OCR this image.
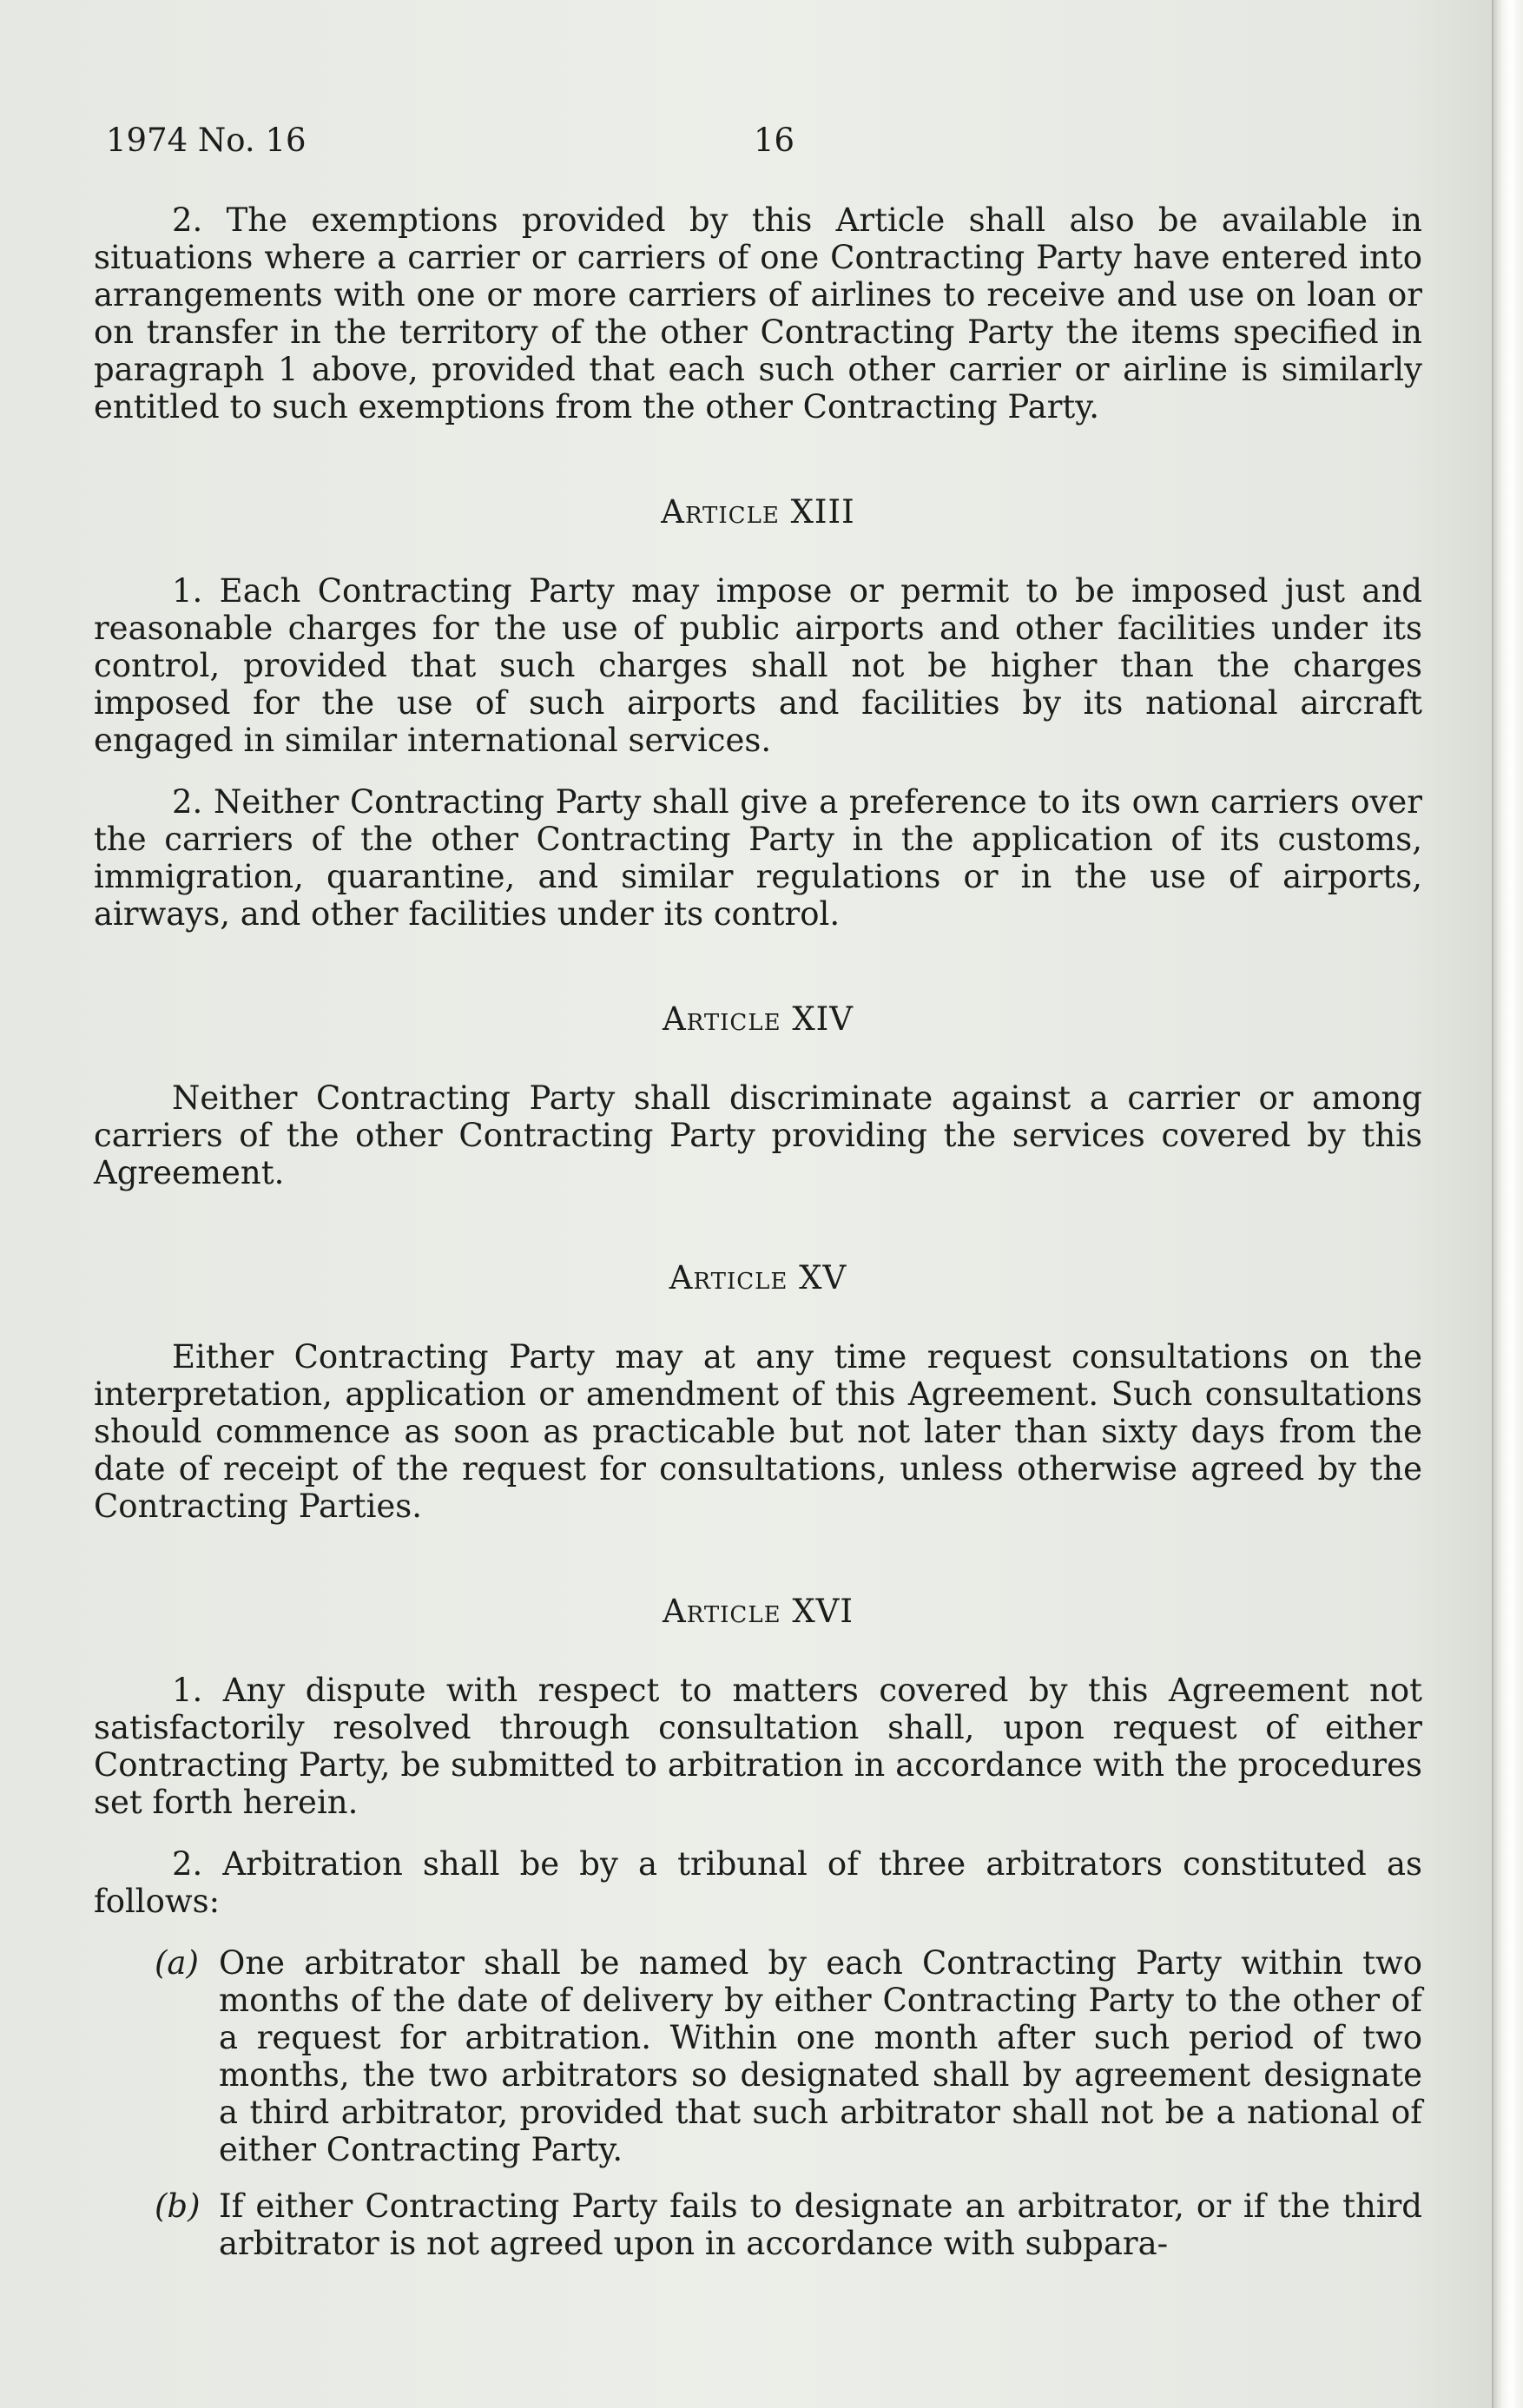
1974 No. 16	16

2. The exemptions provided by this Article shall also be available in situations where a carrier or carriers of one Contracting Party have entered into arrangements with one or more carriers of airlines to receive and use on loan or on transfer in the territory of the other Contracting Party the items specified in paragraph 1 above, provided that each such other carrier or airline is similarly entitled to such exemptions from the other Contracting Party.

Article XIII

1. Each Contracting Party may impose or permit to be imposed just and reasonable charges for the use of public airports and other facilities under its control, provided that such charges shall not be higher than the charges imposed for the use of such airports and facilities by its national aircraft engaged in similar international services.

2. Neither Contracting Party shall give a preference to its own carriers over the carriers of the other Contracting Party in the application of its customs, immigration, quarantine, and similar regulations or in the use of airports, airways, and other facilities under its control.

Article XIV

Neither Contracting Party shall discriminate against a carrier or among carriers of the other Contracting Party providing the services covered by this Agreement.

Article XV

Either Contracting Party may at any time request consultations on the interpretation, application or amendment of this Agreement. Such consultations should commence as soon as practicable but not later than sixty days from the date of receipt of the request for consultations, unless otherwise agreed by the Contracting Parties.

Article XVI

1. Any dispute with respect to matters covered by this Agreement not satisfactorily resolved through consultation shall, upon request of either Contracting Party, be submitted to arbitration in accordance with the procedures set forth herein.

2. Arbitration shall be by a tribunal of three arbitrators constituted as follows:

(a) One arbitrator shall be named by each Contracting Party within two months of the date of delivery by either Contracting Party to the other of a request for arbitration. Within one month after such period of two months, the two arbitrators so designated shall by agreement designate a third arbitrator, provided that such arbitrator shall not be a national of either Contracting Party.
(b) If either Contracting Party fails to designate an arbitrator, or if the third arbitrator is not agreed upon in accordance with subpara-
